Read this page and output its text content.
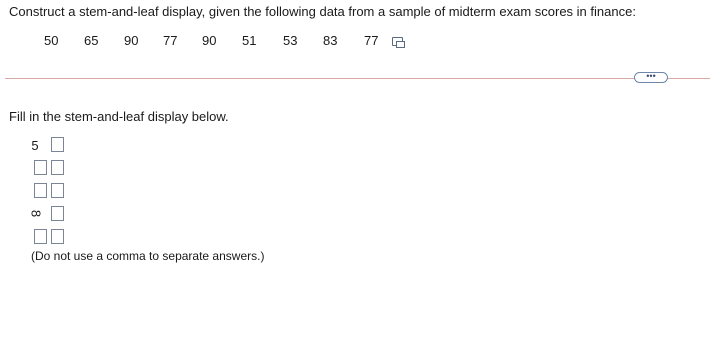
Construct a stem-and-leaf display, given the following data from a sample of midterm exam scores in finance:
50 65 90 77 90 51 53 83 77
•••
Fill in the stem-and-leaf display below.
5
8
(Do not use a comma to separate answers.)
